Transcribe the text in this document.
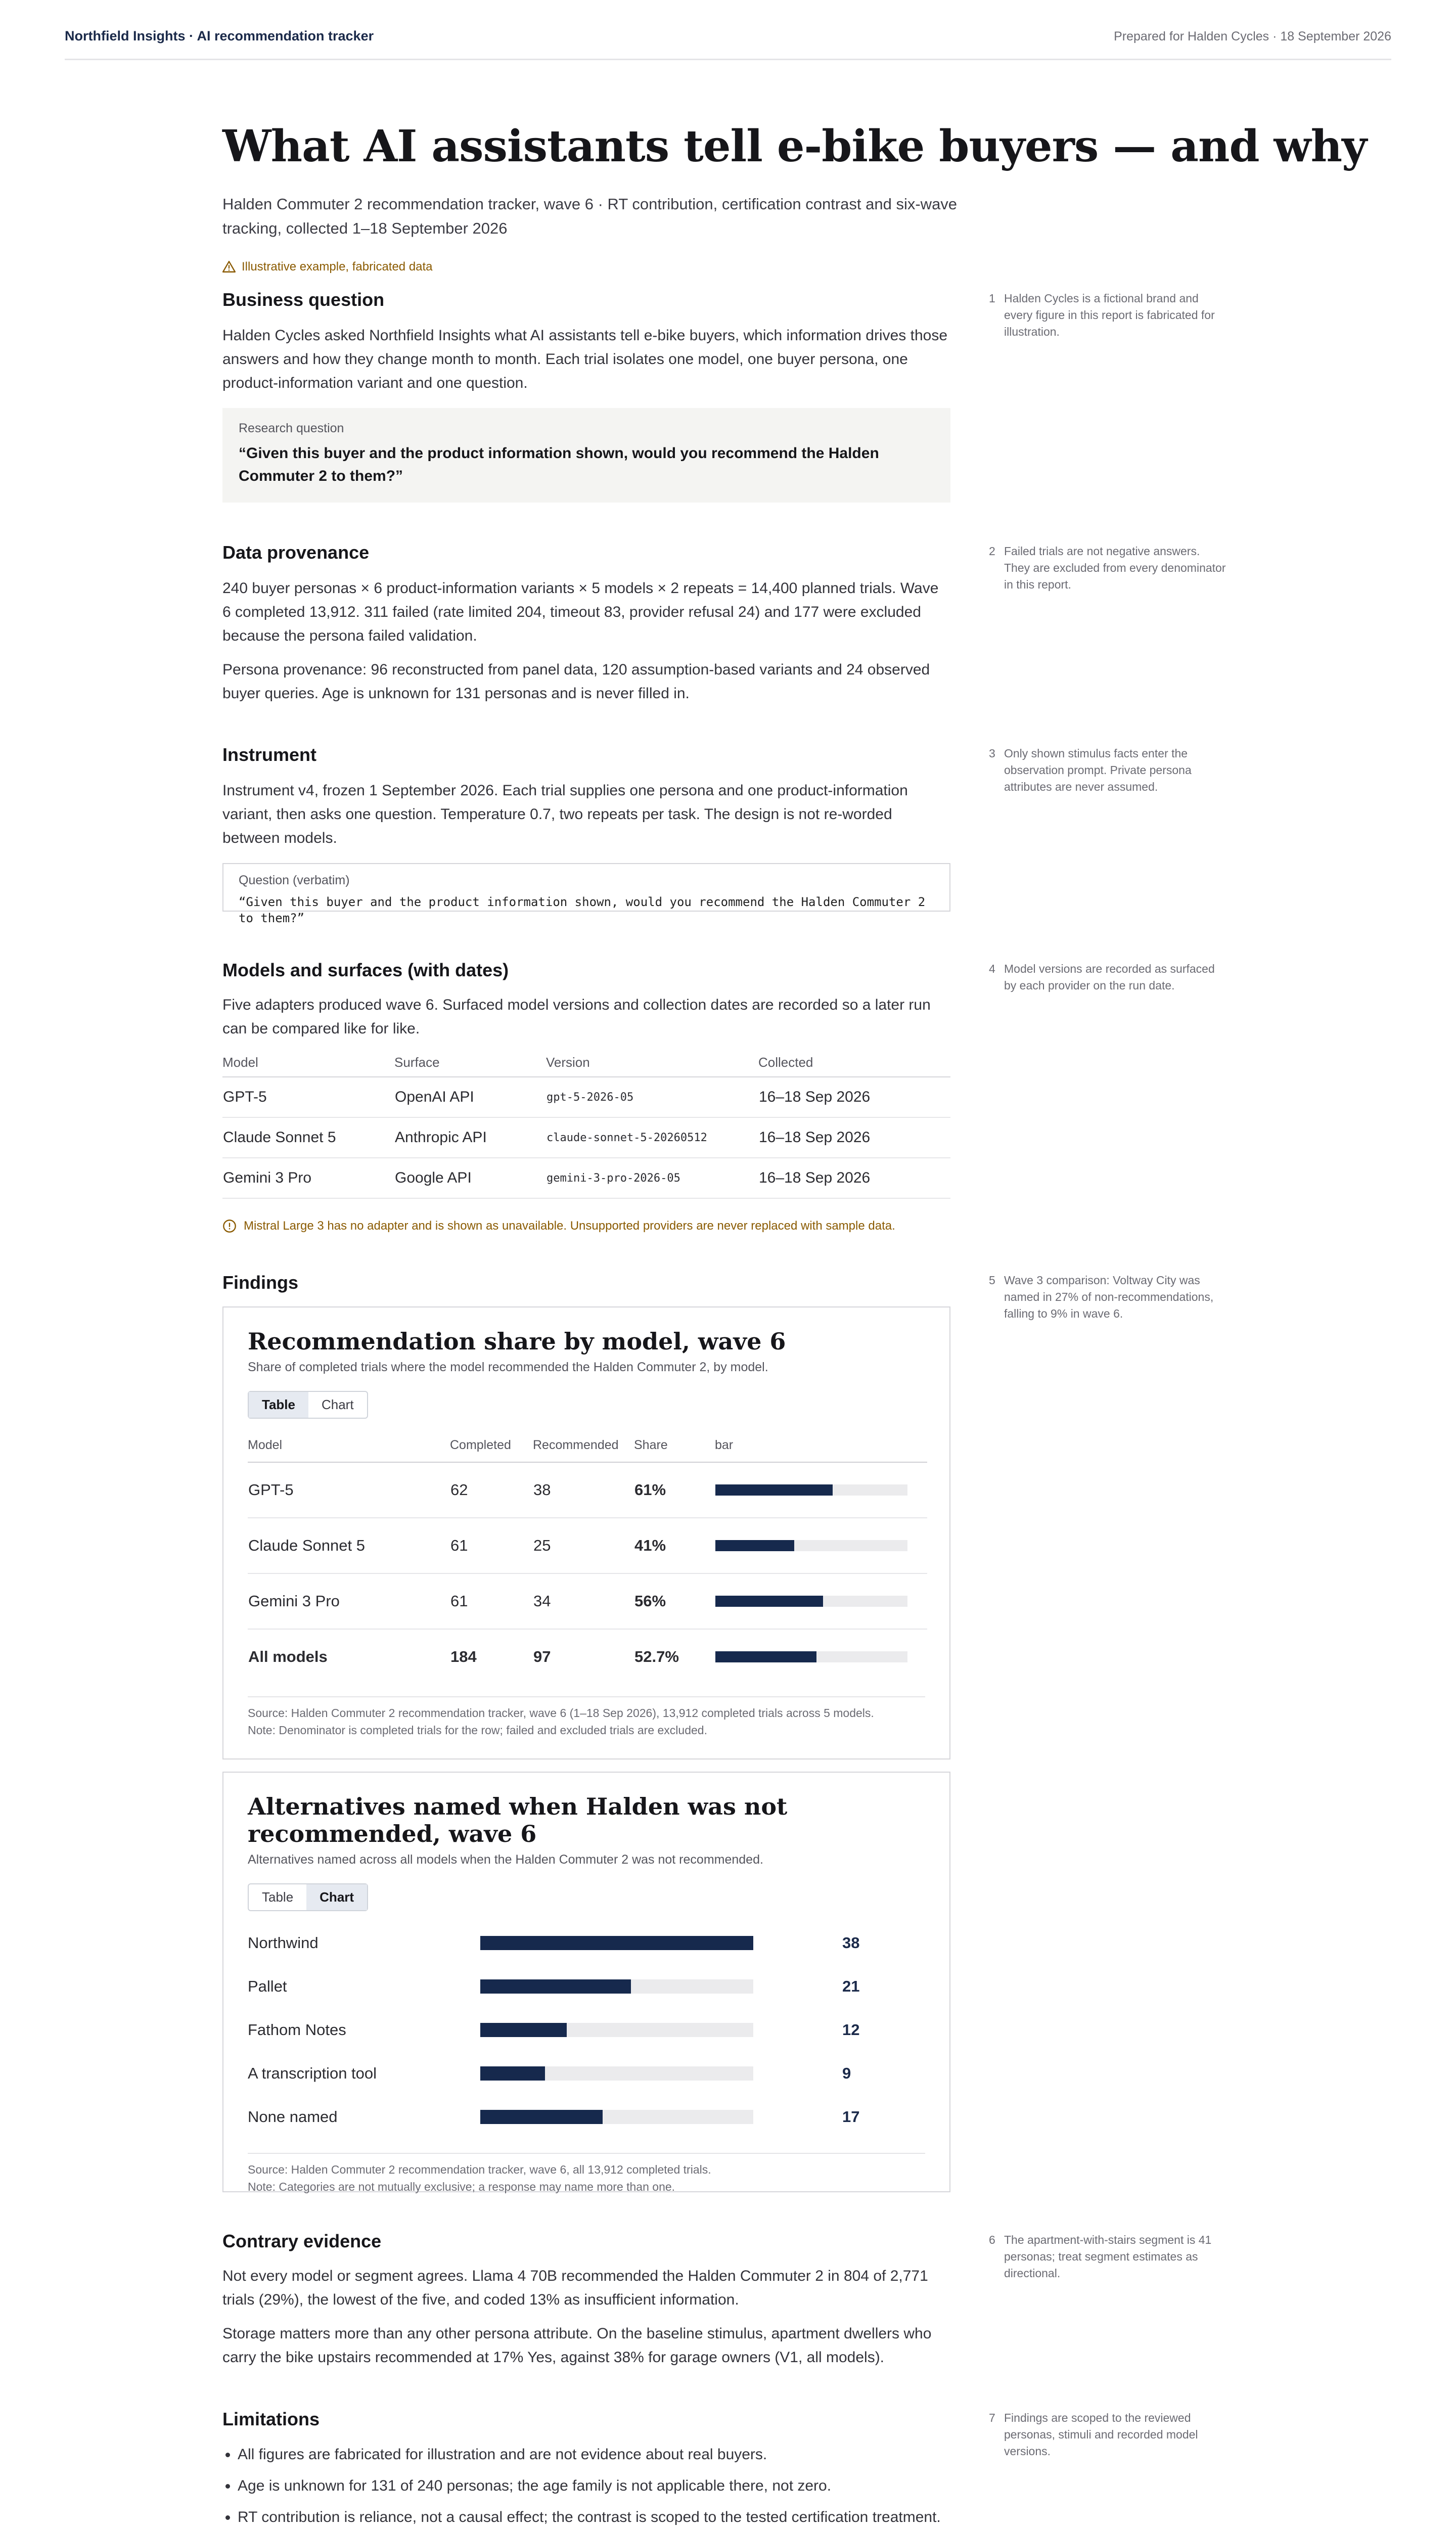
Northfield Insights · AI recommendation tracker	Prepared for Halden Cycles · 18 September 2026
What AI assistants tell e-bike buyers — and why

Halden Commuter 2 recommendation tracker, wave 6 · RT contribution, certification contrast and six-wave tracking, collected 1–18 September 2026

Illustrative example, fabricated data
Business question

Halden Cycles asked Northfield Insights what AI assistants tell e-bike buyers, which information drives those answers and how they change month to month. Each trial isolates one model, one buyer persona, one product-information variant and one question.

Research question
“Given this buyer and the product information shown, would you recommend the Halden Commuter 2 to them?”
Data provenance

240 buyer personas × 6 product-information variants × 5 models × 2 repeats = 14,400 planned trials. Wave 6 completed 13,912. 311 failed (rate limited 204, timeout 83, provider refusal 24) and 177 were excluded because the persona failed validation.

Persona provenance: 96 reconstructed from panel data, 120 assumption-based variants and 24 observed buyer queries. Age is unknown for 131 personas and is never filled in.

Instrument

Instrument v4, frozen 1 September 2026. Each trial supplies one persona and one product-information variant, then asks one question. Temperature 0.7, two repeats per task. The design is not re-worded between models.

Question (verbatim)
“Given this buyer and the product information shown, would you recommend the Halden Commuter 2 to them?”
Models and surfaces (with dates)

Five adapters produced wave 6. Surfaced model versions and collection dates are recorded so a later run can be compared like for like.

Model	Surface	Version	Collected
GPT-5	OpenAI API	gpt-5-2026-05	16–18 Sep 2026
Claude Sonnet 5	Anthropic API	claude-sonnet-5-20260512	16–18 Sep 2026
Gemini 3 Pro	Google API	gemini-3-pro-2026-05	16–18 Sep 2026
Mistral Large 3 has no adapter and is shown as unavailable. Unsupported providers are never replaced with sample data.
Findings
Recommendation share by model, wave 6
Share of completed trials where the model recommended the Halden Commuter 2, by model.
Table	Chart
Model	Completed	Recommended	Share	bar
GPT-5	62	38	61%	

Claude Sonnet 5	61	25	41%	

Gemini 3 Pro	61	34	56%	

All models	184	97	52.7%	
Source: Halden Commuter 2 recommendation tracker, wave 6 (1–18 Sep 2026), 13,912 completed trials across 5 models.
Note: Denominator is completed trials for the row; failed and excluded trials are excluded.
Alternatives named when Halden was not recommended, wave 6
Alternatives named across all models when the Halden Commuter 2 was not recommended.
Table	Chart
Northwind	38
Pallet	21
Fathom Notes	12
A transcription tool	9
None named	17
Source: Halden Commuter 2 recommendation tracker, wave 6, all 13,912 completed trials.
Note: Categories are not mutually exclusive; a response may name more than one.
Contrary evidence

Not every model or segment agrees. Llama 4 70B recommended the Halden Commuter 2 in 804 of 2,771 trials (29%), the lowest of the five, and coded 13% as insufficient information.

Storage matters more than any other persona attribute. On the baseline stimulus, apartment dwellers who carry the bike upstairs recommended at 17% Yes, against 38% for garage owners (V1, all models).

Limitations
• All figures are fabricated for illustration and are not evidence about real buyers.
• Age is unknown for 131 of 240 personas; the age family is not applicable there, not zero.
• RT contribution is reliance, not a causal effect; the contrast is scoped to the tested certification treatment.

1 Halden Cycles is a fictional brand and every figure in this report is fabricated for illustration.
2 Failed trials are not negative answers. They are excluded from every denominator in this report.
3 Only shown stimulus facts enter the observation prompt. Private persona attributes are never assumed.
4 Model versions are recorded as surfaced by each provider on the run date.
5 Wave 3 comparison: Voltway City was named in 27% of non-recommendations, falling to 9% in wave 6.
6 The apartment-with-stairs segment is 41 personas; treat segment estimates as directional.
7 Findings are scoped to the reviewed personas, stimuli and recorded model versions.
